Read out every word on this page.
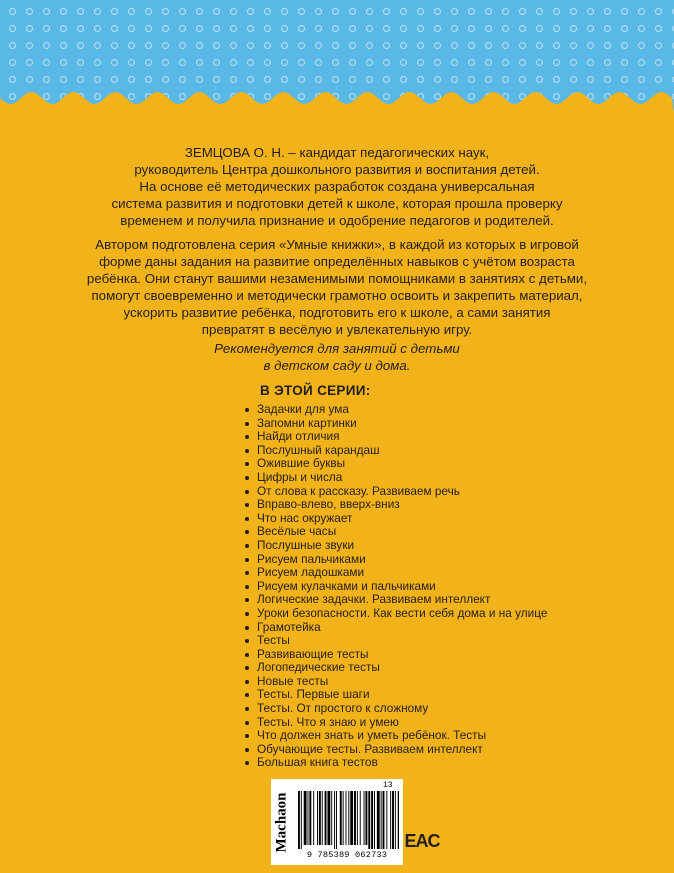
ЗЕМЦОВА О. Н. – кандидат педагогических наук,
руководитель Центра дошкольного развития и воспитания детей.
На основе её методических разработок создана универсальная
система развития и подготовки детей к школе, которая прошла проверку
временем и получила признание и одобрение педагогов и родителей.

Автором подготовлена серия «Умные книжки», в каждой из которых в игровой
форме даны задания на развитие определённых навыков с учётом возраста
ребёнка. Они станут вашими незаменимыми помощниками в занятиях с детьми,
помогут своевременно и методически грамотно освоить и закрепить материал,
ускорить развитие ребёнка, подготовить его к школе, а сами занятия
превратят в весёлую и увлекательную игру.

Рекомендуется для занятий с детьми
в детском саду и дома.

В ЭТОЙ СЕРИИ:
Задачки для ума
Запомни картинки
Найди отличия
Послушный карандаш
Ожившие буквы
Цифры и числа
От слова к рассказу. Развиваем речь
Вправо-влево, вверх-вниз
Что нас окружает
Весёлые часы
Послушные звуки
Рисуем пальчиками
Рисуем ладошками
Рисуем кулачками и пальчиками
Логические задачки. Развиваем интеллект
Уроки безопасности. Как вести себя дома и на улице
Грамотейка
Тесты
Развивающие тесты
Логопедические тесты
Новые тесты
Тесты. Первые шаги
Тесты. От простого к сложному
Тесты. Что я знаю и умею
Что должен знать и уметь ребёнок. Тесты
Обучающие тесты. Развиваем интеллект
Большая книга тестов
Machaon
13
9 785389 062733
ЕAC
